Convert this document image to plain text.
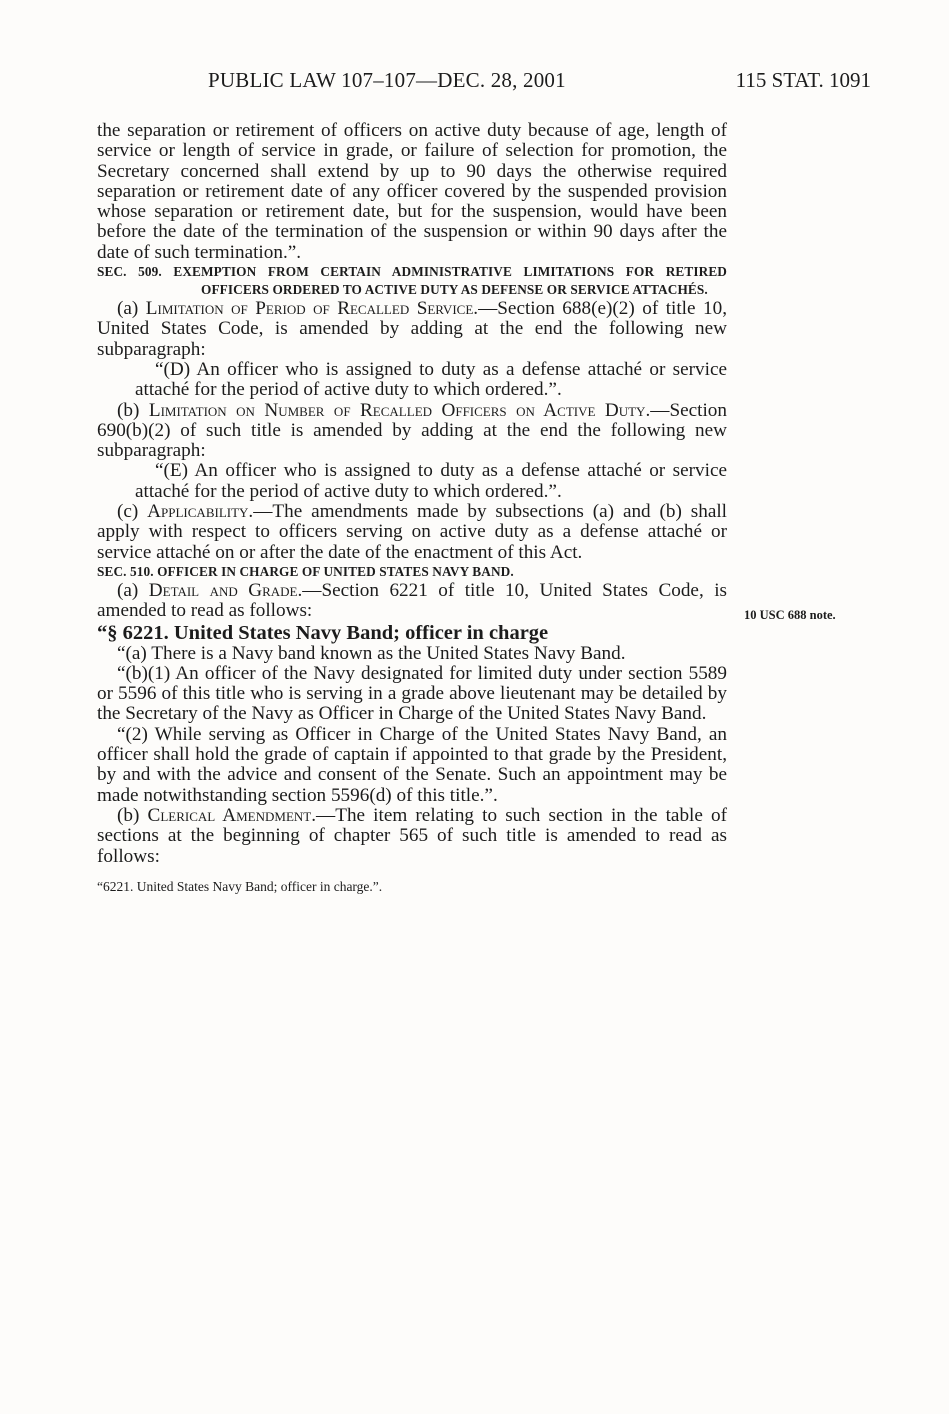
PUBLIC LAW 107–107—DEC. 28, 2001	115 STAT. 1091
10 USC 688 note.

the separation or retirement of officers on active duty because of age, length of service or length of service in grade, or failure of selection for promotion, the Secretary concerned shall extend by up to 90 days the otherwise required separation or retirement date of any officer covered by the suspended provision whose separation or retirement date, but for the suspension, would have been before the date of the termination of the suspension or within 90 days after the date of such termination.”.

SEC. 509. EXEMPTION FROM CERTAIN ADMINISTRATIVE LIMITATIONS FOR RETIRED OFFICERS ORDERED TO ACTIVE DUTY AS DEFENSE OR SERVICE ATTACHÉS.

(a) Limitation of Period of Recalled Service.—Section 688(e)(2) of title 10, United States Code, is amended by adding at the end the following new subparagraph:

“(D) An officer who is assigned to duty as a defense attaché or service attaché for the period of active duty to which ordered.”.

(b) Limitation on Number of Recalled Officers on Active Duty.—Section 690(b)(2) of such title is amended by adding at the end the following new subparagraph:

“(E) An officer who is assigned to duty as a defense attaché or service attaché for the period of active duty to which ordered.”.

(c) Applicability.—The amendments made by subsections (a) and (b) shall apply with respect to officers serving on active duty as a defense attaché or service attaché on or after the date of the enactment of this Act.

SEC. 510. OFFICER IN CHARGE OF UNITED STATES NAVY BAND.

(a) Detail and Grade.—Section 6221 of title 10, United States Code, is amended to read as follows:

“§ 6221. United States Navy Band; officer in charge

“(a) There is a Navy band known as the United States Navy Band.

“(b)(1) An officer of the Navy designated for limited duty under section 5589 or 5596 of this title who is serving in a grade above lieutenant may be detailed by the Secretary of the Navy as Officer in Charge of the United States Navy Band.

“(2) While serving as Officer in Charge of the United States Navy Band, an officer shall hold the grade of captain if appointed to that grade by the President, by and with the advice and consent of the Senate. Such an appointment may be made notwithstanding section 5596(d) of this title.”.

(b) Clerical Amendment.—The item relating to such section in the table of sections at the beginning of chapter 565 of such title is amended to read as follows:

“6221. United States Navy Band; officer in charge.”.
